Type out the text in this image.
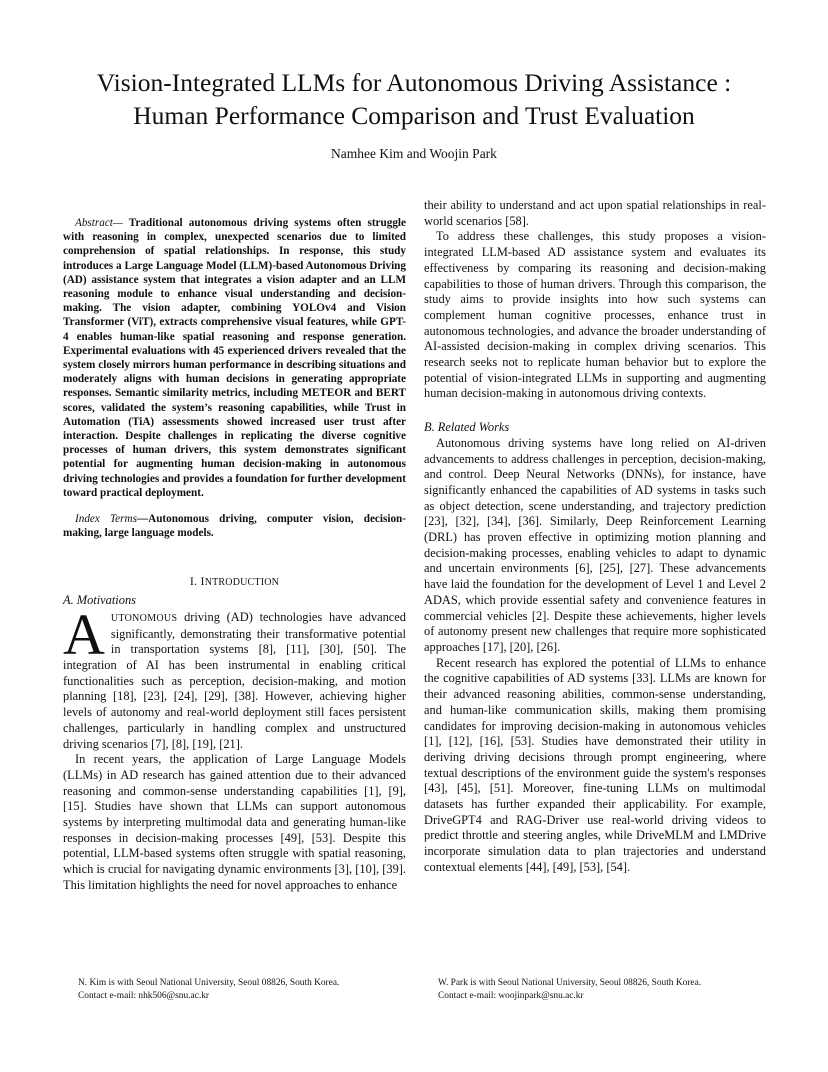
Vision-Integrated LLMs for Autonomous Driving Assistance :
Human Performance Comparison and Trust Evaluation
Namhee Kim and Woojin Park

Abstract— Traditional autonomous driving systems often struggle with reasoning in complex, unexpected scenarios due to limited comprehension of spatial relationships. In response, this study introduces a Large Language Model (LLM)-based Autonomous Driving (AD) assistance system that integrates a vision adapter and an LLM reasoning module to enhance visual understanding and decision-making. The vision adapter, combining YOLOv4 and Vision Transformer (ViT), extracts comprehensive visual features, while GPT-4 enables human-like spatial reasoning and response generation. Experimental evaluations with 45 experienced drivers revealed that the system closely mirrors human performance in describing situations and moderately aligns with human decisions in generating appropriate responses. Semantic similarity metrics, including METEOR and BERT scores, validated the system’s reasoning capabilities, while Trust in Automation (TiA) assessments showed increased user trust after interaction. Despite challenges in replicating the diverse cognitive processes of human drivers, this system demonstrates significant potential for augmenting human decision-making in autonomous driving technologies and provides a foundation for further development toward practical deployment.

Index Terms—Autonomous driving, computer vision, decision-making, large language models.

I. INTRODUCTION
A. Motivations

AUTONOMOUS driving (AD) technologies have advanced significantly, demonstrating their transformative potential in transportation systems [8], [11], [30], [50]. The integration of AI has been instrumental in enabling critical functionalities such as perception, decision-making, and motion planning [18], [23], [24], [29], [38]. However, achieving higher levels of autonomy and real-world deployment still faces persistent challenges, particularly in handling complex and unstructured driving scenarios [7], [8], [19], [21].

In recent years, the application of Large Language Models (LLMs) in AD research has gained attention due to their advanced reasoning and common-sense understanding capabilities [1], [9], [15]. Studies have shown that LLMs can support autonomous systems by interpreting multimodal data and generating human-like responses in decision-making processes [49], [53]. Despite this potential, LLM-based systems often struggle with spatial reasoning, which is crucial for navigating dynamic environments [3], [10], [39]. This limitation highlights the need for novel approaches to enhance

their ability to understand and act upon spatial relationships in real-world scenarios [58].

To address these challenges, this study proposes a vision-integrated LLM-based AD assistance system and evaluates its effectiveness by comparing its reasoning and decision-making capabilities to those of human drivers. Through this comparison, the study aims to provide insights into how such systems can complement human cognitive processes, enhance trust in autonomous technologies, and advance the broader understanding of AI-assisted decision-making in complex driving scenarios. This research seeks not to replicate human behavior but to explore the potential of vision-integrated LLMs in supporting and augmenting human decision-making in autonomous driving contexts.

B. Related Works

Autonomous driving systems have long relied on AI-driven advancements to address challenges in perception, decision-making, and control. Deep Neural Networks (DNNs), for instance, have significantly enhanced the capabilities of AD systems in tasks such as object detection, scene understanding, and trajectory prediction [23], [32], [34], [36]. Similarly, Deep Reinforcement Learning (DRL) has proven effective in optimizing motion planning and decision-making processes, enabling vehicles to adapt to dynamic and uncertain environments [6], [25], [27]. These advancements have laid the foundation for the development of Level 1 and Level 2 ADAS, which provide essential safety and convenience features in commercial vehicles [2]. Despite these achievements, higher levels of autonomy present new challenges that require more sophisticated approaches [17], [20], [26].

Recent research has explored the potential of LLMs to enhance the cognitive capabilities of AD systems [33]. LLMs are known for their advanced reasoning abilities, common-sense understanding, and human-like communication skills, making them promising candidates for improving decision-making in autonomous vehicles [1], [12], [16], [53]. Studies have demonstrated their utility in deriving driving decisions through prompt engineering, where textual descriptions of the environment guide the system's responses [43], [45], [51]. Moreover, fine-tuning LLMs on multimodal datasets has further expanded their applicability. For example, DriveGPT4 and RAG-Driver use real-world driving videos to predict throttle and steering angles, while DriveMLM and LMDrive incorporate simulation data to plan trajectories and understand contextual elements [44], [49], [53], [54].

N. Kim is with Seoul National University, Seoul 08826, South Korea.
Contact e-mail: nhk506@snu.ac.kr
W. Park is with Seoul National University, Seoul 08826, South Korea.
Contact e-mail: woojinpark@snu.ac.kr
